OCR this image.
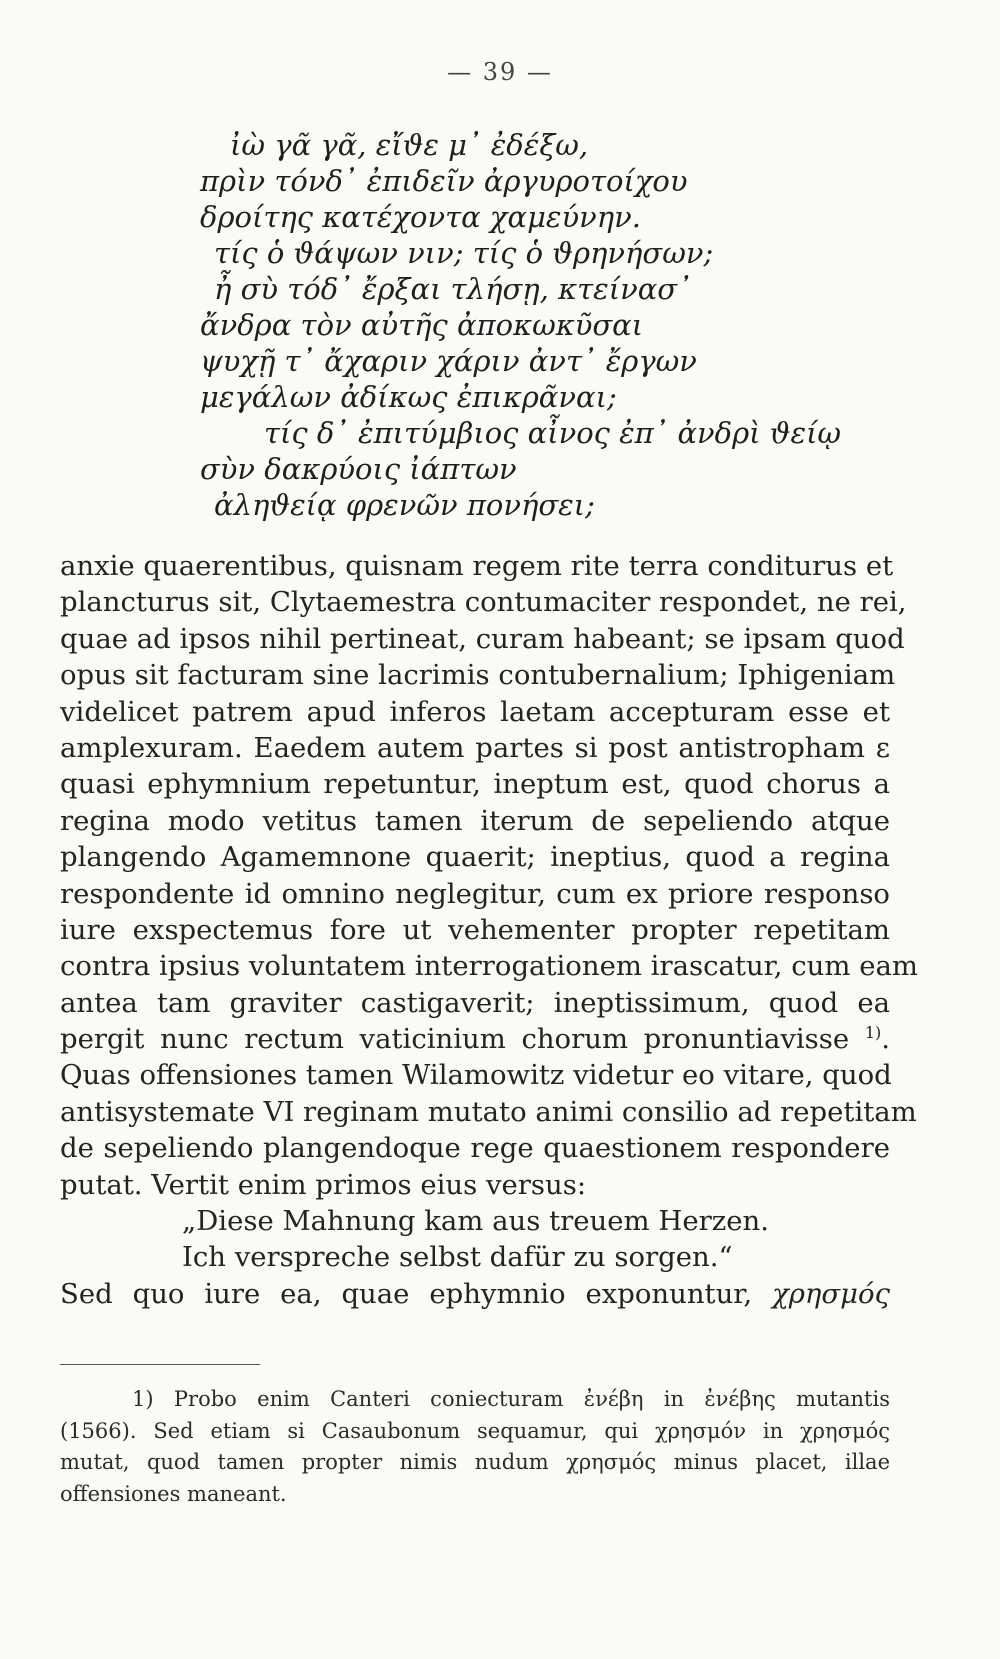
— 39 —
ἰὼ γᾶ γᾶ, εἴϑε μ᾽ ἐδέξω,
πρὶν τόνδ᾽ ἐπιδεῖν ἀργυροτοίχου
δροίτης κατέχοντα χαμεύνην.
τίς ὁ ϑάψων νιν; τίς ὁ ϑρηνήσων;
ἦ σὺ τόδ᾽ ἔρξαι τλήσῃ, κτείνασ᾽
ἄνδρα τὸν αὐτῆς ἀποκωκῦσαι
ψυχῇ τ᾽ ἄχαριν χάριν ἀντ᾽ ἔργων
μεγάλων ἀδίκως ἐπικρᾶναι;
τίς δ᾽ ἐπιτύμβιος αἶνος ἐπ᾽ ἀνδρὶ ϑείῳ
σὺν δακρύοις ἰάπτων
ἀληϑείᾳ φρενῶν πονήσει;
anxie quaerentibus, quisnam regem rite terra conditurus et
plancturus sit, Clytaemestra contumaciter respondet, ne rei,
quae ad ipsos nihil pertineat, curam habeant; se ipsam quod
opus sit facturam sine lacrimis contubernalium; Iphigeniam
videlicet patrem apud inferos laetam accepturam esse et
amplexuram. Eaedem autem partes si post antistropham ε
quasi ephymnium repetuntur, ineptum est, quod chorus a
regina modo vetitus tamen iterum de sepeliendo atque
plangendo Agamemnone quaerit; ineptius, quod a regina
respondente id omnino neglegitur, cum ex priore responso
iure exspectemus fore ut vehementer propter repetitam
contra ipsius voluntatem interrogationem irascatur, cum eam
antea tam graviter castigaverit; ineptissimum, quod ea
pergit nunc rectum vaticinium chorum pronuntiavisse $^{1)}$.
Quas offensiones tamen Wilamowitz videtur eo vitare, quod
antisystemate VI reginam mutato animi consilio ad repetitam
de sepeliendo plangendoque rege quaestionem respondere
putat. Vertit enim primos eius versus:
„Diese Mahnung kam aus treuem Herzen.
Ich verspreche selbst dafür zu sorgen.“
Sed quo iure ea, quae ephymnio exponuntur, χρησμός
1) Probo enim Canteri coniecturam ἐνέβη in ἐνέβης mutantis
(1566). Sed etiam si Casaubonum sequamur, qui χρησμόν in χρησμός
mutat, quod tamen propter nimis nudum χρησμός minus placet, illae
offensiones maneant.
